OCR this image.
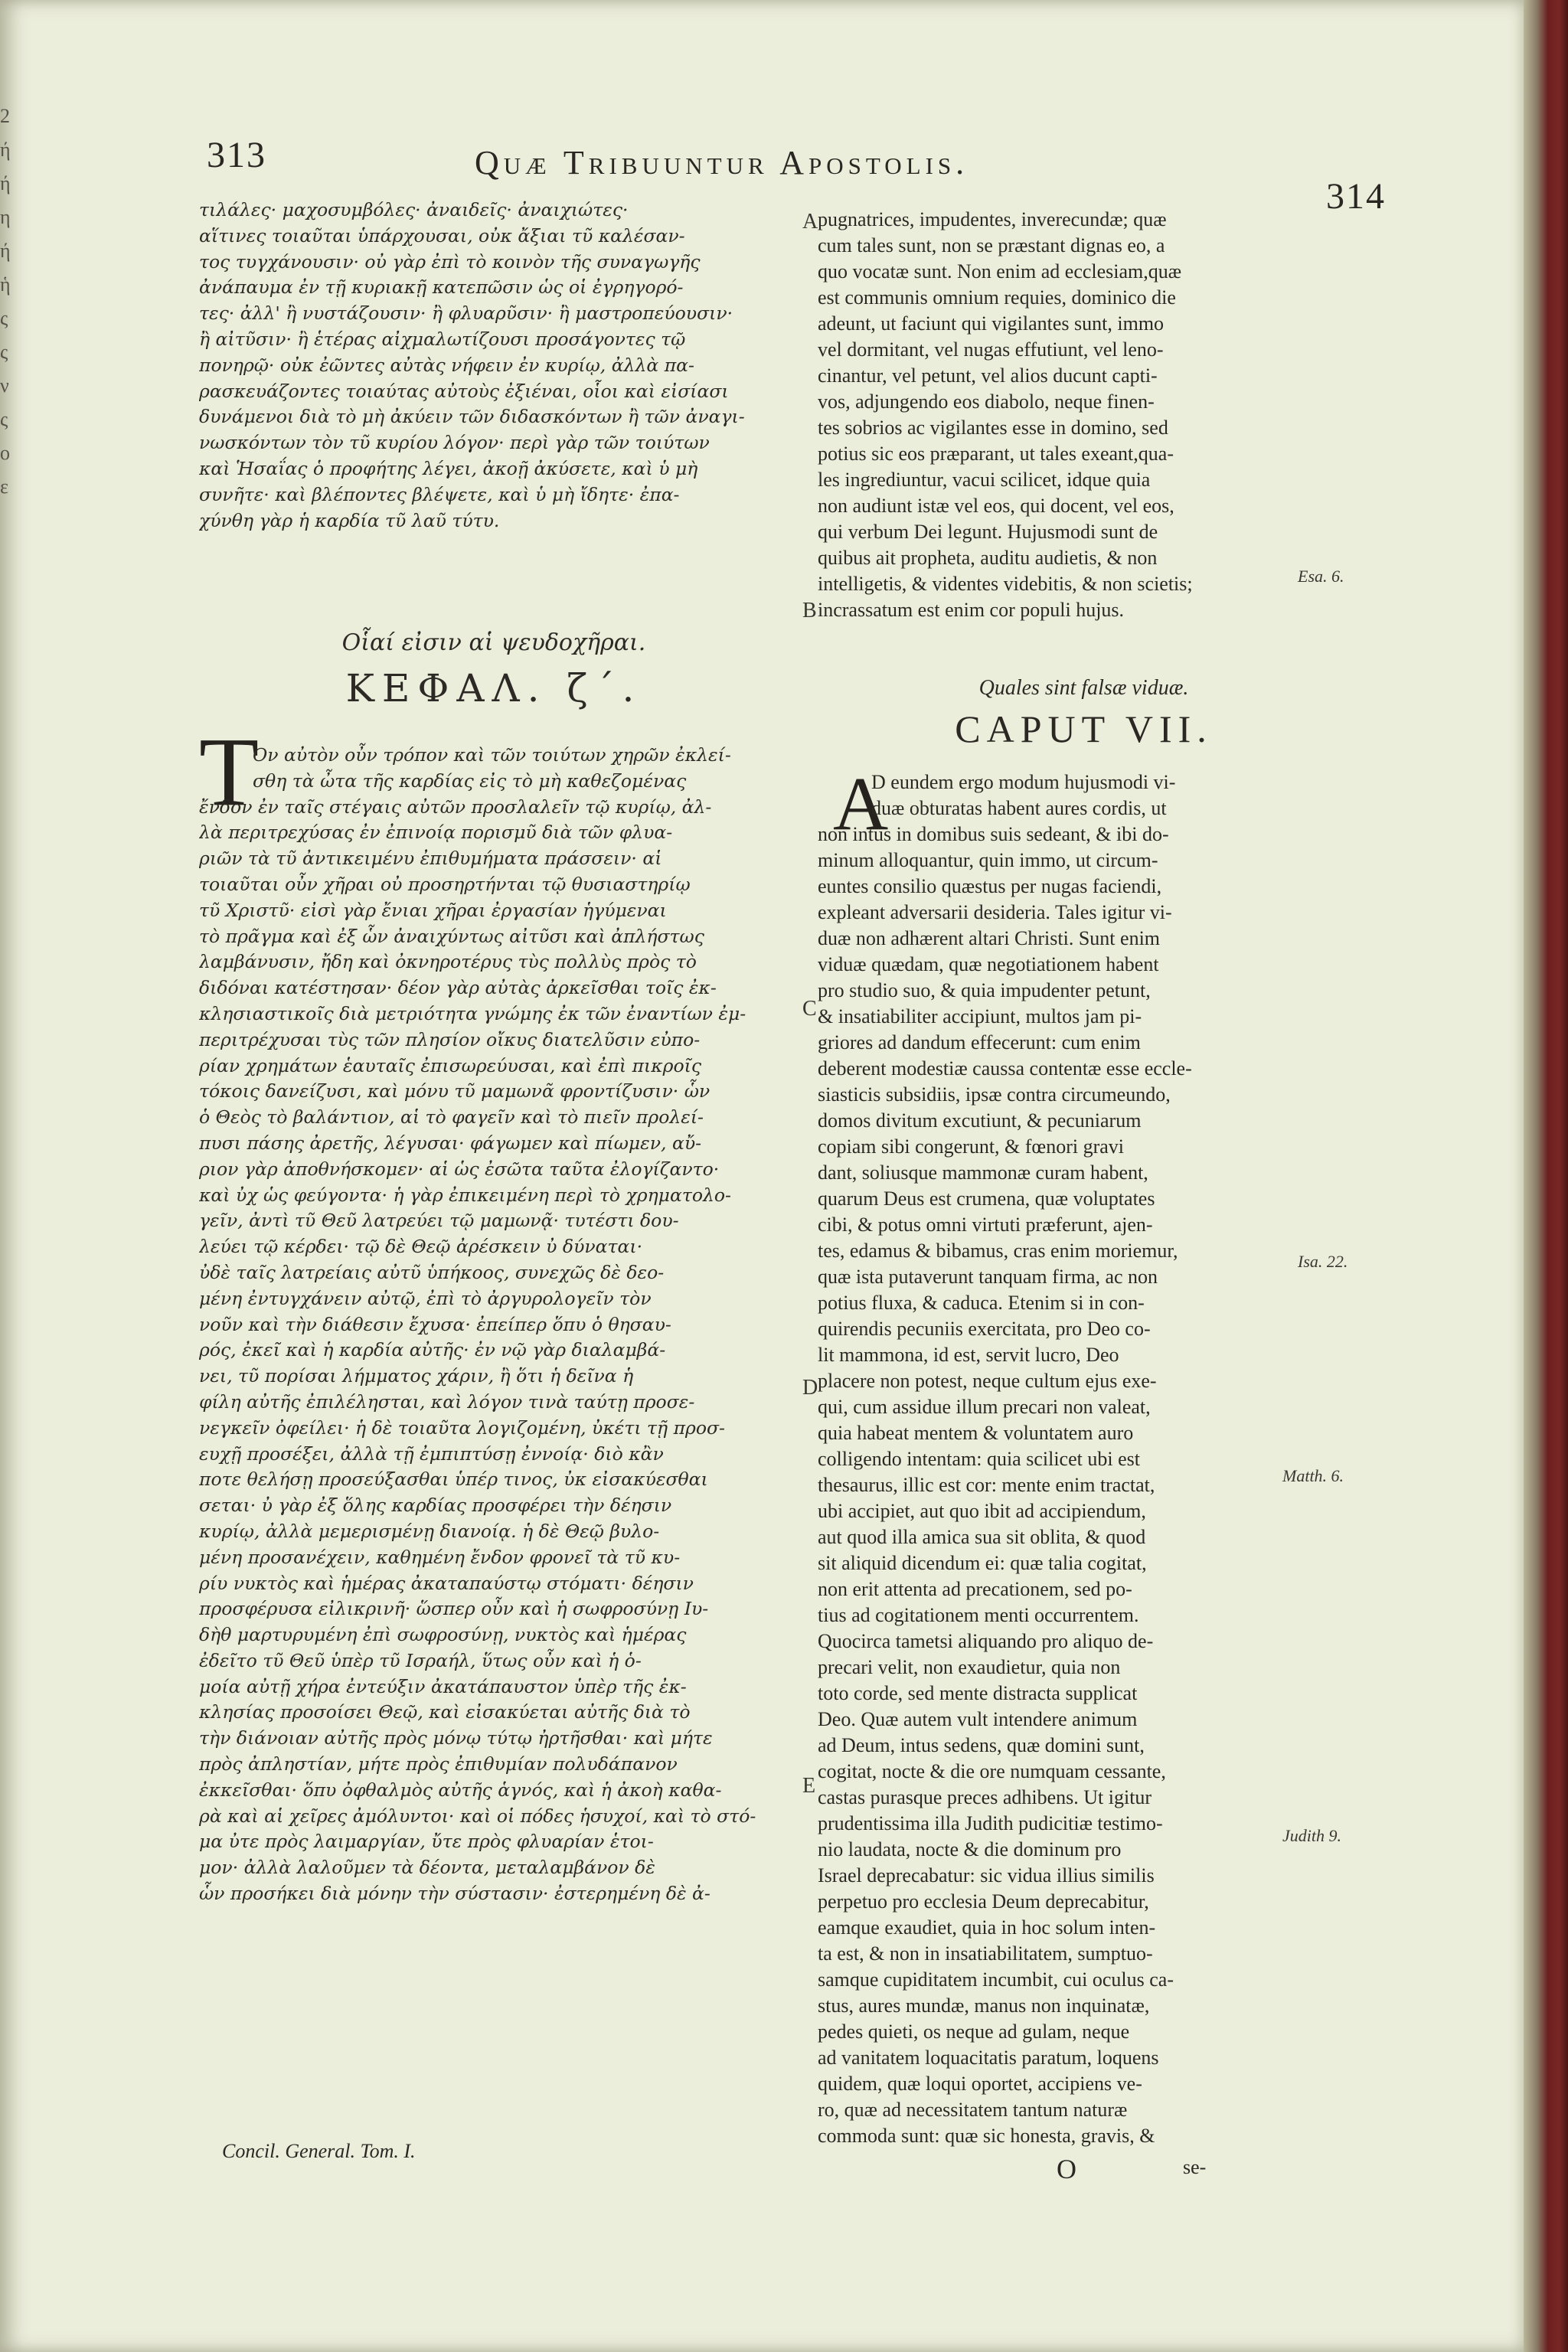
2
ή
ή
η
ή
ἡ
ς
ς
ν
ς
ο
ε
313	Quæ Tribuuntur Apostolis.
314
τιλάλες· μαχοσυμβόλες· ἀναιδεῖς· ἀναιχιώτες·
αἵτινες τοιαῦται ὑπάρχουσαι, οὐκ ἄξιαι τῦ καλέσαν-
τος τυγχάνουσιν· οὐ γὰρ ἐπὶ τὸ κοινὸν τῆς συναγωγῆς
ἀνάπαυμα ἐν τῇ κυριακῇ κατεπῶσιν ὡς οἱ ἐγρηγορό-
τες· ἀλλ' ἢ νυστάζουσιν· ἢ φλυαρῦσιν· ἢ μαστροπεύουσιν·
ἢ αἰτῦσιν· ἢ ἑτέρας αἰχμαλωτίζουσι προσάγοντες τῷ
πονηρῷ· οὐκ ἐῶντες αὐτὰς νήφειν ἐν κυρίῳ, ἀλλὰ πα-
ρασκευάζοντες τοιαύτας αὐτοὺς ἐξιέναι, οἷοι καὶ εἰσίασι
δυνάμενοι διὰ τὸ μὴ ἀκύειν τῶν διδασκόντων ἢ τῶν ἀναγι-
νωσκόντων τὸν τῦ κυρίου λόγον· περὶ γὰρ τῶν τοιύτων
καὶ Ἡσαΐας ὁ προφήτης λέγει, ἀκοῇ ἀκύσετε, καὶ ὑ μὴ
συνῆτε· καὶ βλέποντες βλέψετε, καὶ ὑ μὴ ἴδητε· ἐπα-
χύνθη γὰρ ἡ καρδία τῦ λαῦ τύτυ.
Οἷαί εἰσιν αἱ ψευδοχῆραι.
ΚΕΦΑΛ. ζ΄.
Τ
Ον αὐτὸν οὖν τρόπον καὶ τῶν τοιύτων χηρῶν ἐκλεί-
σθη τὰ ὦτα τῆς καρδίας εἰς τὸ μὴ καθεζομένας
ἔνδον ἐν ταῖς στέγαις αὐτῶν προσλαλεῖν τῷ κυρίῳ, ἀλ-
λὰ περιτρεχύσας ἐν ἐπινοίᾳ πορισμῦ διὰ τῶν φλυα-
ριῶν τὰ τῦ ἀντικειμένυ ἐπιθυμήματα πράσσειν· αἱ
τοιαῦται οὖν χῆραι οὐ προσηρτήνται τῷ θυσιαστηρίῳ
τῦ Χριστῦ· εἰσὶ γὰρ ἔνιαι χῆραι ἐργασίαν ἡγύμεναι
τὸ πρᾶγμα καὶ ἐξ ὧν ἀναιχύντως αἰτῦσι καὶ ἀπλήστως
λαμβάνυσιν, ἤδη καὶ ὀκνηροτέρυς τὺς πολλὺς πρὸς τὸ
διδόναι κατέστησαν· δέον γὰρ αὐτὰς ἀρκεῖσθαι τοῖς ἐκ-
κλησιαστικοῖς διὰ μετριότητα γνώμης ἐκ τῶν ἐναντίων ἐμ-
περιτρέχυσαι τὺς τῶν πλησίον οἴκυς διατελῦσιν εὐπο-
ρίαν χρημάτων ἑαυταῖς ἐπισωρεύυσαι, καὶ ἐπὶ πικροῖς
τόκοις δανείζυσι, καὶ μόνυ τῦ μαμωνᾶ φροντίζυσιν· ὧν
ὁ Θεὸς τὸ βαλάντιον, αἱ τὸ φαγεῖν καὶ τὸ πιεῖν προλεί-
πυσι πάσης ἀρετῆς, λέγυσαι· φάγωμεν καὶ πίωμεν, αὔ-
ριον γὰρ ἀποθνήσκομεν· αἱ ὡς ἐσῶτα ταῦτα ἐλογίζαντο·
καὶ ὐχ ὡς φεύγοντα· ἡ γὰρ ἐπικειμένη περὶ τὸ χρηματολο-
γεῖν, ἀντὶ τῦ Θεῦ λατρεύει τῷ μαμωνᾷ· τυτέστι δου-
λεύει τῷ κέρδει· τῷ δὲ Θεῷ ἀρέσκειν ὐ δύναται·
ὐδὲ ταῖς λατρείαις αὐτῦ ὑπήκοος, συνεχῶς δὲ δεο-
μένη ἐντυγχάνειν αὐτῷ, ἐπὶ τὸ ἀργυρολογεῖν τὸν
νοῦν καὶ τὴν διάθεσιν ἔχυσα· ἐπείπερ ὅπυ ὁ θησαυ-
ρός, ἐκεῖ καὶ ἡ καρδία αὐτῆς· ἐν νῷ γὰρ διαλαμβά-
νει, τῦ πορίσαι λήμματος χάριν, ἢ ὅτι ἡ δεῖνα ἡ
φίλη αὐτῆς ἐπιλέλησται, καὶ λόγον τινὰ ταύτῃ προσε-
νεγκεῖν ὀφείλει· ἡ δὲ τοιαῦτα λογιζομένη, ὐκέτι τῇ προσ-
ευχῇ προσέξει, ἀλλὰ τῇ ἐμπιπτύσῃ ἐννοίᾳ· διὸ κἂν
ποτε θελήσῃ προσεύξασθαι ὑπέρ τινος, ὐκ εἰσακύεσθαι
σεται· ὐ γὰρ ἐξ ὅλης καρδίας προσφέρει τὴν δέησιν
κυρίῳ, ἀλλὰ μεμερισμένῃ διανοίᾳ. ἡ δὲ Θεῷ βυλο-
μένη προσανέχειν, καθημένη ἔνδον φρονεῖ τὰ τῦ κυ-
ρίυ νυκτὸς καὶ ἡμέρας ἀκαταπαύστῳ στόματι· δέησιν
προσφέρυσα εἰλικρινῆ· ὥσπερ οὖν καὶ ἡ σωφροσύνῃ Ιυ-
δὴθ μαρτυρυμένη ἐπὶ σωφροσύνῃ, νυκτὸς καὶ ἡμέρας
ἐδεῖτο τῦ Θεῦ ὑπὲρ τῦ Ισραήλ, ὕτως οὖν καὶ ἡ ὁ-
μοία αὐτῇ χήρα ἐντεύξιν ἀκατάπαυστον ὑπὲρ τῆς ἐκ-
κλησίας προσοίσει Θεῷ, καὶ εἰσακύεται αὐτῆς διὰ τὸ
τὴν διάνοιαν αὐτῆς πρὸς μόνῳ τύτῳ ἠρτῆσθαι· καὶ μήτε
πρὸς ἀπληστίαν, μήτε πρὸς ἐπιθυμίαν πολυδάπανον
ἐκκεῖσθαι· ὅπυ ὀφθαλμὸς αὐτῆς ἁγνός, καὶ ἡ ἀκοὴ καθα-
ρὰ καὶ αἱ χεῖρες ἀμόλυντοι· καὶ οἱ πόδες ἡσυχοί, καὶ τὸ στό-
μα ὐτε πρὸς λαιμαργίαν, ὔτε πρὸς φλυαρίαν ἑτοι-
μον· ἀλλὰ λαλοῦμεν τὰ δέοντα, μεταλαμβάνον δὲ
ὧν προσήκει διὰ μόνην τὴν σύστασιν· ἐστερημένη δὲ ἀ-
pugnatrices, impudentes, inverecundæ; quæ
cum tales sunt, non se præstant dignas eo, a
quo vocatæ sunt. Non enim ad ecclesiam,quæ
est communis omnium requies, dominico die
adeunt, ut faciunt qui vigilantes sunt, immo
vel dormitant, vel nugas effutiunt, vel leno-
cinantur, vel petunt, vel alios ducunt capti-
vos, adjungendo eos diabolo, neque finen-
tes sobrios ac vigilantes esse in domino, sed
potius sic eos præparant, ut tales exeant,qua-
les ingrediuntur, vacui scilicet, idque quia
non audiunt istæ vel eos, qui docent, vel eos,
qui verbum Dei legunt. Hujusmodi sunt de
quibus ait propheta, auditu audietis, & non
intelligetis, & videntes videbitis, & non scietis;
incrassatum est enim cor populi hujus.
Quales sint falsæ viduæ.
CAPUT VII.
A
D eundem ergo modum hujusmodi vi-
duæ obturatas habent aures cordis, ut
non intus in domibus suis sedeant, & ibi do-
minum alloquantur, quin immo, ut circum-
euntes consilio quæstus per nugas faciendi,
expleant adversarii desideria. Tales igitur vi-
duæ non adhærent altari Christi. Sunt enim
viduæ quædam, quæ negotiationem habent
pro studio suo, & quia impudenter petunt,
& insatiabiliter accipiunt, multos jam pi-
griores ad dandum effecerunt: cum enim
deberent modestiæ caussa contentæ esse eccle-
siasticis subsidiis, ipsæ contra circumeundo,
domos divitum excutiunt, & pecuniarum
copiam sibi congerunt, & fœnori gravi
dant, soliusque mammonæ curam habent,
quarum Deus est crumena, quæ voluptates
cibi, & potus omni virtuti præferunt, ajen-
tes, edamus & bibamus, cras enim moriemur,
quæ ista putaverunt tanquam firma, ac non
potius fluxa, & caduca. Etenim si in con-
quirendis pecuniis exercitata, pro Deo co-
lit mammona, id est, servit lucro, Deo
placere non potest, neque cultum ejus exe-
qui, cum assidue illum precari non valeat,
quia habeat mentem & voluntatem auro
colligendo intentam: quia scilicet ubi est
thesaurus, illic est cor: mente enim tractat,
ubi accipiet, aut quo ibit ad accipiendum,
aut quod illa amica sua sit oblita, & quod
sit aliquid dicendum ei: quæ talia cogitat,
non erit attenta ad precationem, sed po-
tius ad cogitationem menti occurrentem.
Quocirca tametsi aliquando pro aliquo de-
precari velit, non exaudietur, quia non
toto corde, sed mente distracta supplicat
Deo. Quæ autem vult intendere animum
ad Deum, intus sedens, quæ domini sunt,
cogitat, nocte & die ore numquam cessante,
castas purasque preces adhibens. Ut igitur
prudentissima illa Judith pudicitiæ testimo-
nio laudata, nocte & die dominum pro
Israel deprecabatur: sic vidua illius similis
perpetuo pro ecclesia Deum deprecabitur,
eamque exaudiet, quia in hoc solum inten-
ta est, & non in insatiabilitatem, sumptuo-
samque cupiditatem incumbit, cui oculus ca-
stus, aures mundæ, manus non inquinatæ,
pedes quieti, os neque ad gulam, neque
ad vanitatem loquacitatis paratum, loquens
quidem, quæ loqui oportet, accipiens ve-
ro, quæ ad necessitatem tantum naturæ
commoda sunt: quæ sic honesta, gravis, &
A
B
C
D
E
Esa. 6.
Isa. 22.
Matth. 6.
Judith 9.
Concil. General. Tom. I.
O	se-
